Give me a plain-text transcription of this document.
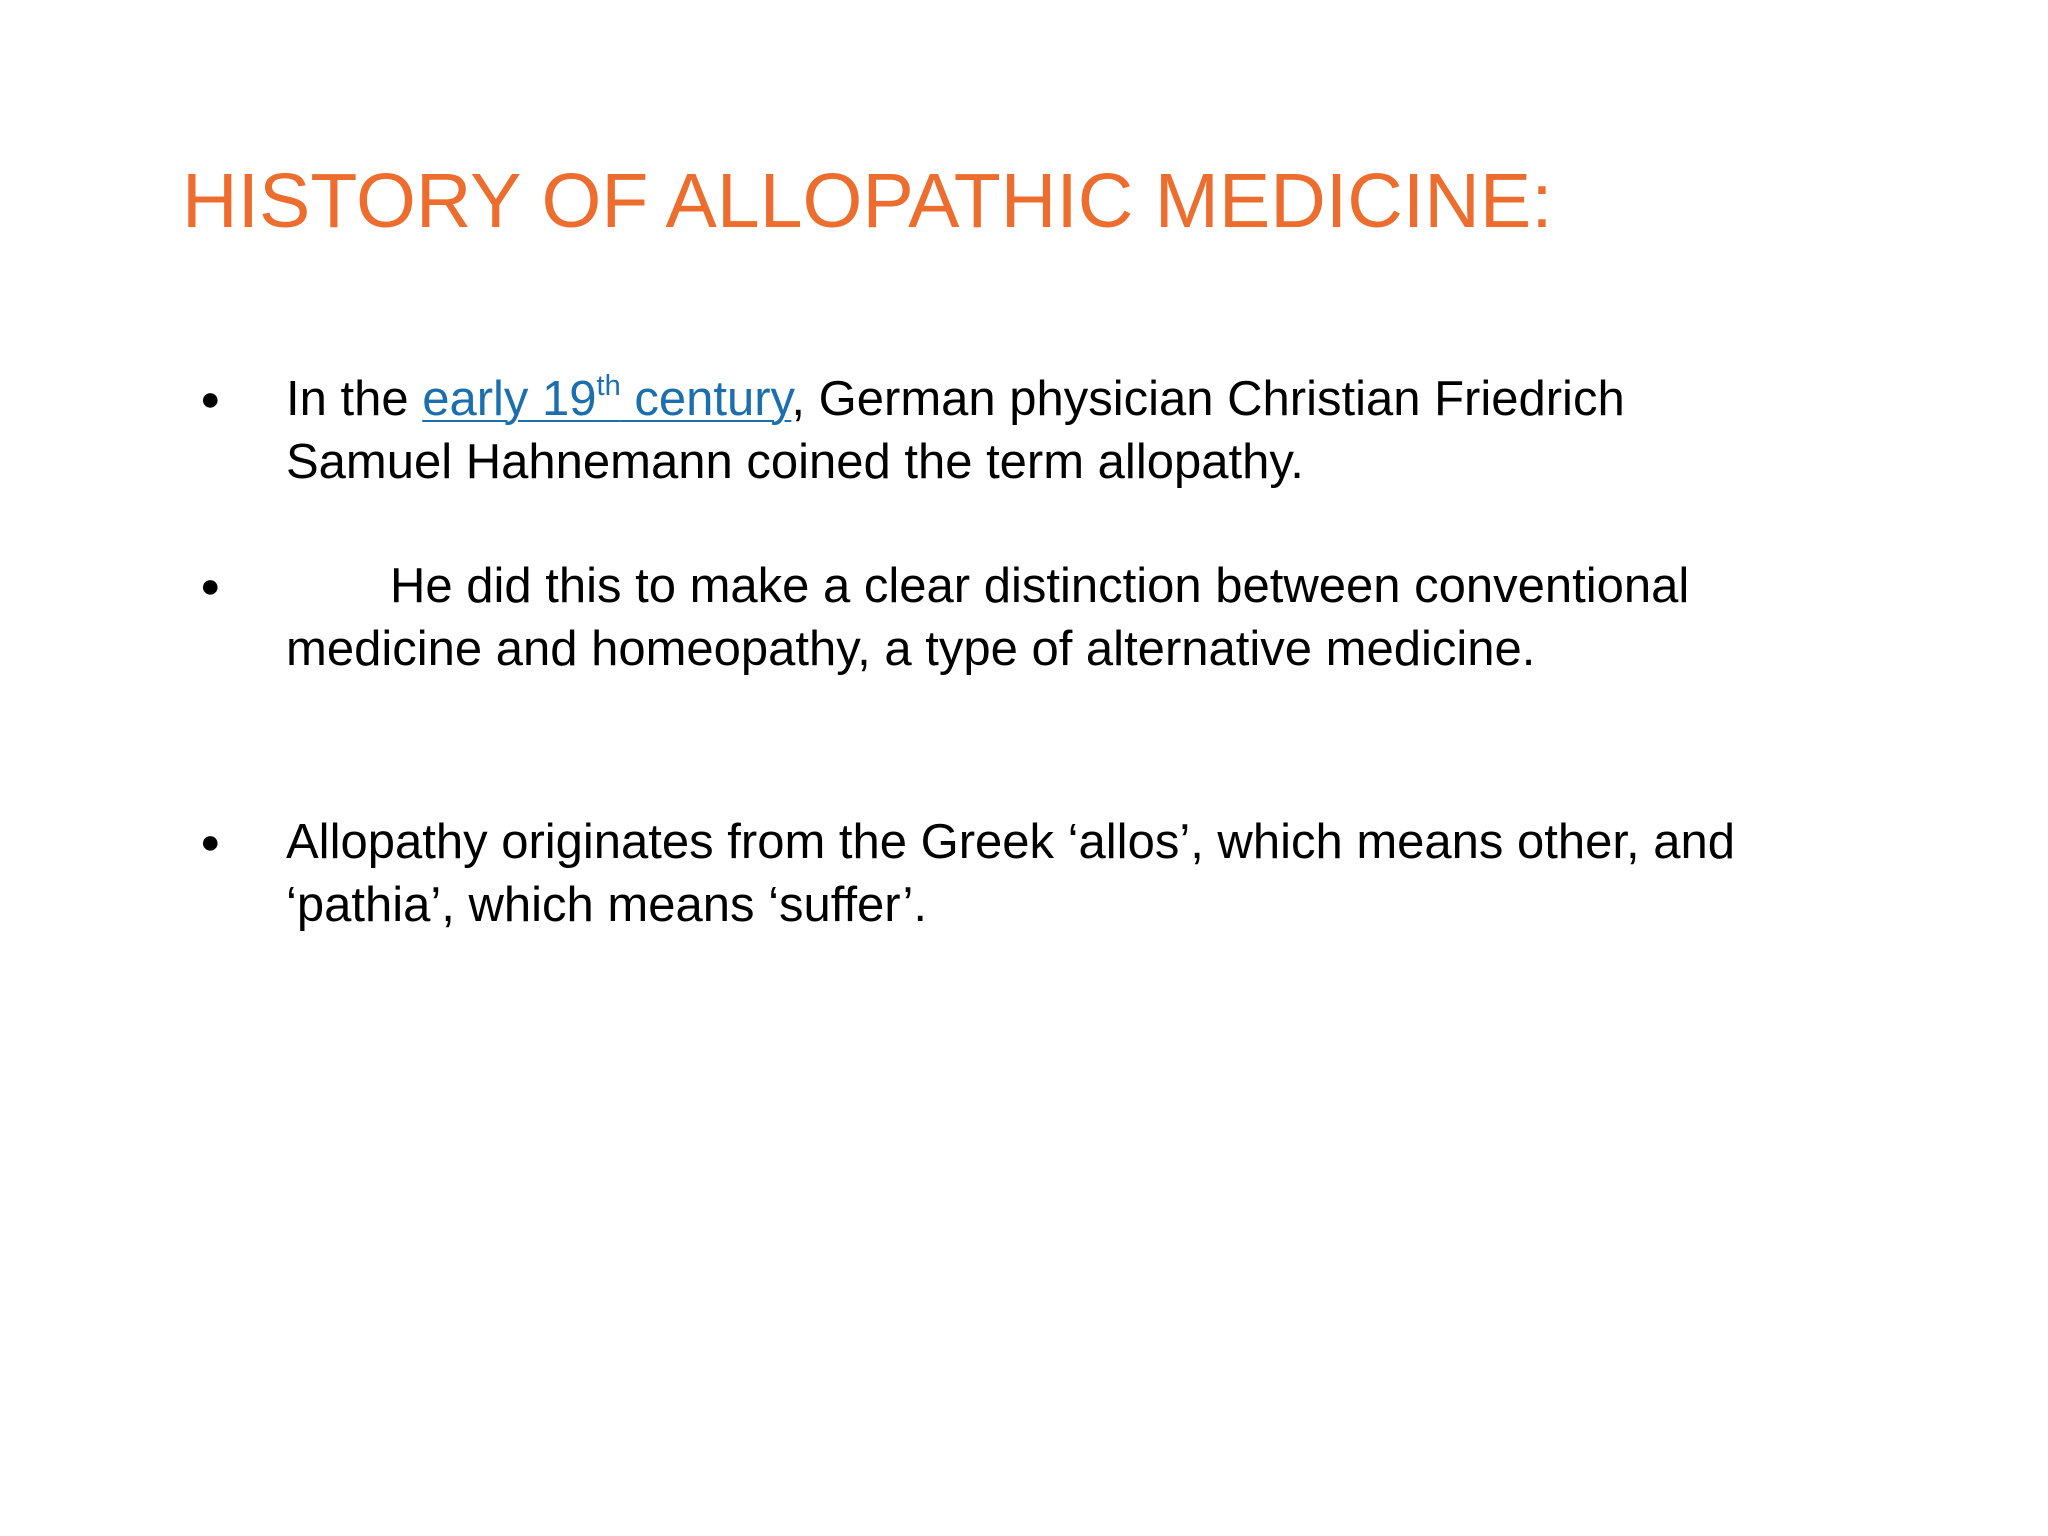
HISTORY OF ALLOPATHIC MEDICINE:
● In the early 19th century, German physician Christian Friedrich Samuel Hahnemann coined the term allopathy.

●	He did this to make a clear distinction between conventional medicine and homeopathy, a type of alternative medicine.

● Allopathy originates from the Greek ‘allos’, which means other, and ‘pathia’, which means ‘suffer’.
